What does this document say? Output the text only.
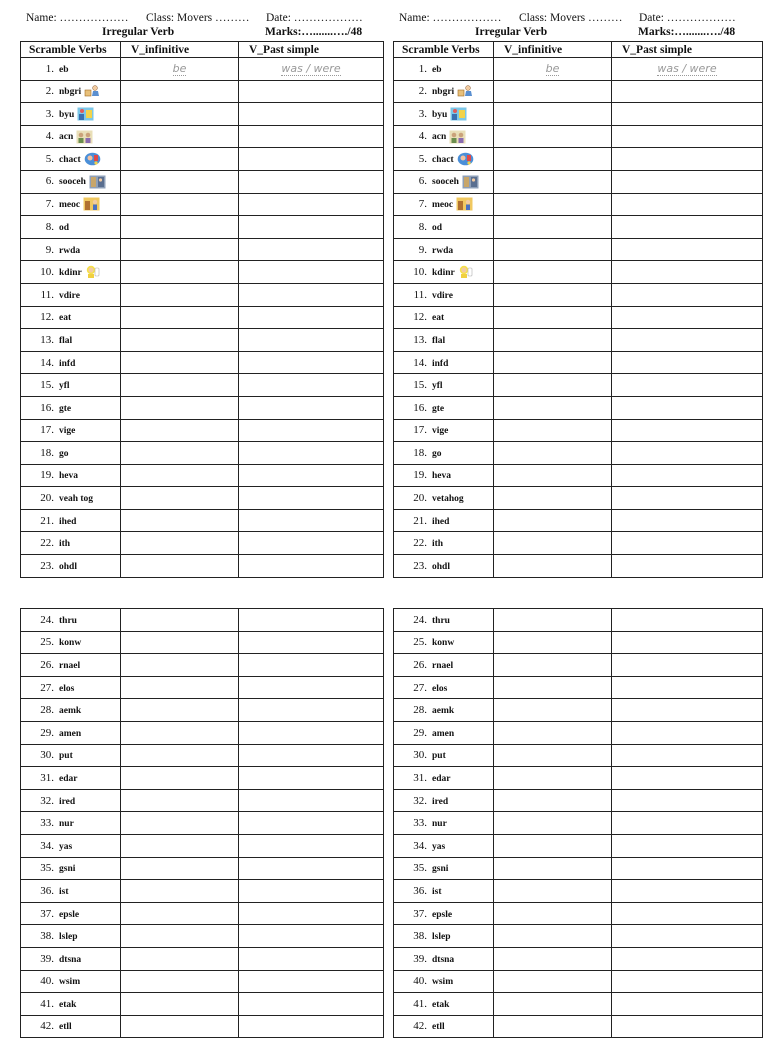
Name: ……………… Class: Movers ……… Date: ………………
Irregular Verb	Marks:….......…./48
Scramble Verbs	V_infinitive	V_Past simple
1. eb	be	was / were
2. nbgri		
3. byu		
4. acn		
5. chact		
6. sooceh		
7. meoc		
8. od		
9. rwda		
10. kdinr		
11. vdire		
12. eat		
13. flal		
14. infd		
15. yfl		
16. gte		
17. vige		
18. go		
19. heva		
20. veah tog		
21. ihed		
22. ith		
23. ohdl		
24. thru		
25. konw		
26. rnael		
27. elos		
28. aemk		
29. amen		
30. put		
31. edar		
32. ired		
33. nur		
34. yas		
35. gsni		
36. ist		
37. epsle		
38. lslep		
39. dtsna		
40. wsim		
41. etak		
42. etll		
Name: ……………… Class: Movers ……… Date: ………………
Irregular Verb	Marks:….......…./48
Scramble Verbs	V_infinitive	V_Past simple
1. eb	be	was / were
2. nbgri		
3. byu		
4. acn		
5. chact		
6. sooceh		
7. meoc		
8. od		
9. rwda		
10. kdinr		
11. vdire		
12. eat		
13. flal		
14. infd		
15. yfl		
16. gte		
17. vige		
18. go		
19. heva		
20. vetahog		
21. ihed		
22. ith		
23. ohdl		
24. thru		
25. konw		
26. rnael		
27. elos		
28. aemk		
29. amen		
30. put		
31. edar		
32. ired		
33. nur		
34. yas		
35. gsni		
36. ist		
37. epsle		
38. lslep		
39. dtsna		
40. wsim		
41. etak		
42. etll		
